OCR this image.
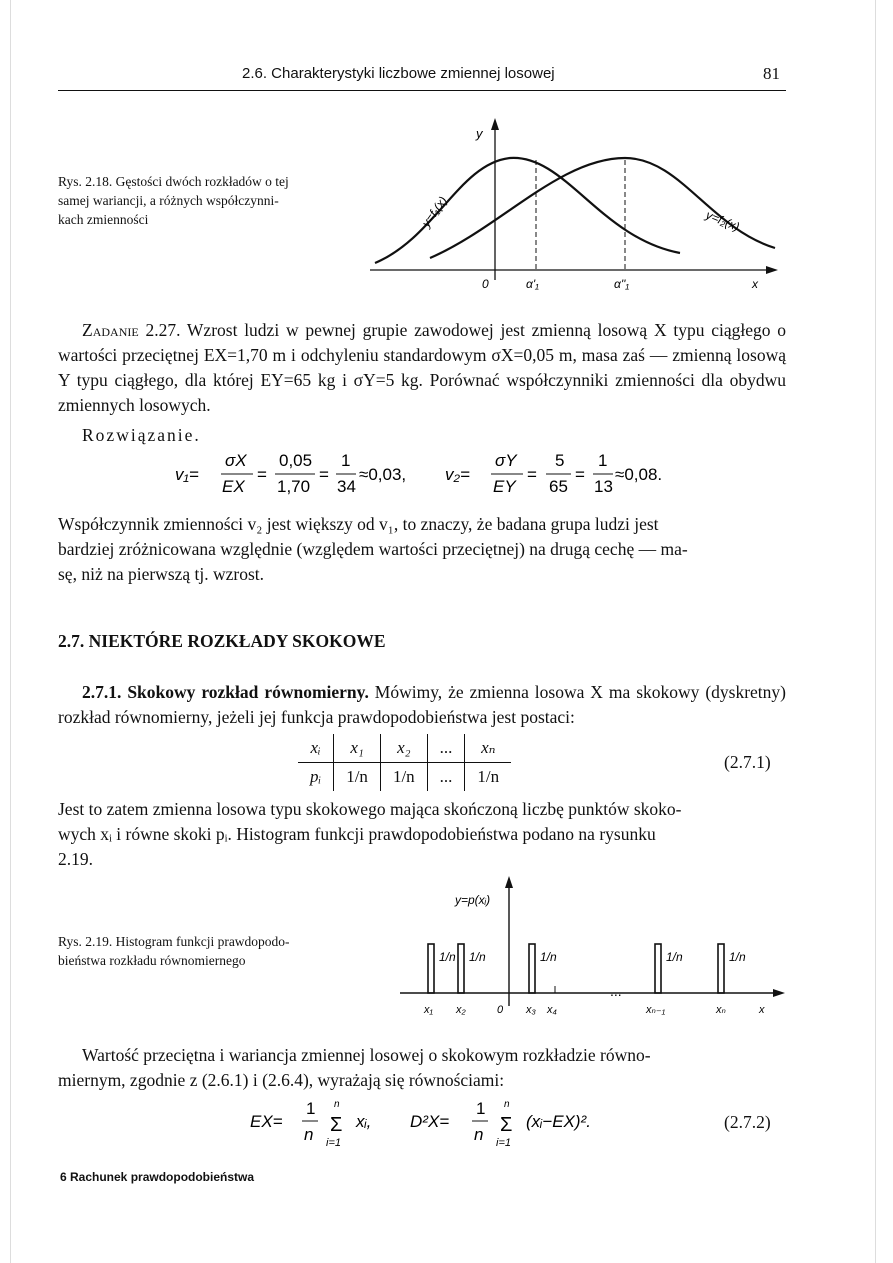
2.6. Charakterystyki liczbowe zmiennej losowej	81
Rys. 2.18. Gęstości dwóch rozkładów o tej
samej wariancji, a różnych współczynni-
kach zmienności
y
0	α'₁	α''₁	x
y=f₁(x)	y=f₂(x)
Zadanie 2.27. Wzrost ludzi w pewnej grupie zawodowej jest zmienną losową X typu ciągłego o wartości przeciętnej EX=1,70 m i odchyleniu standardowym σX=0,05 m, masa zaś — zmienną losową Y typu ciągłego, dla której EY=65 kg i σY=5 kg. Porównać współczynniki zmienności dla obydwu zmiennych losowych.
Rozwiązanie.
v₁=
σX
EX
=
0,05
1,70
=
1
34
≈0,03, v₂=
σY
EY
=
5
65
=
1
13
≈0,08.
Współczynnik zmienności v₂ jest większy od v₁, to znaczy, że badana grupa ludzi jest
bardziej zróżnicowana względnie (względem wartości przeciętnej) na drugą cechę — ma-
sę, niż na pierwszą tj. wzrost.
2.7. NIEKTÓRE ROZKŁADY SKOKOWE
2.7.1. Skokowy rozkład równomierny. Mówimy, że zmienna losowa X ma skokowy (dyskretny) rozkład równomierny, jeżeli jej funkcja prawdopodobieństwa jest postaci:
xᵢ	x₁	x₂	...	xₙ
pᵢ	1/n	1/n	...	1/n
(2.7.1)
Jest to zatem zmienna losowa typu skokowego mająca skończoną liczbę punktów skoko-
wych xᵢ i równe skoki pᵢ. Histogram funkcji prawdopodobieństwa podano na rysunku
2.19.
Rys. 2.19. Histogram funkcji prawdopodo-
bieństwa rozkładu równomiernego
y=p(xᵢ)
1/n 1/n	1/n	1/n	1/n
...
x₁ x₂	0 x₃ x₄	xₙ₋₁	xₙ	x
Wartość przeciętna i wariancja zmiennej losowej o skokowym rozkładzie równo-
miernym, zgodnie z (2.6.1) i (2.6.4), wyrażają się równościami:
EX=
1
n
n
Σ
i=1
xᵢ, D²X=
1
n
n
Σ
i=1
(xᵢ−EX)².	(2.7.2)
6 Rachunek prawdopodobieństwa
